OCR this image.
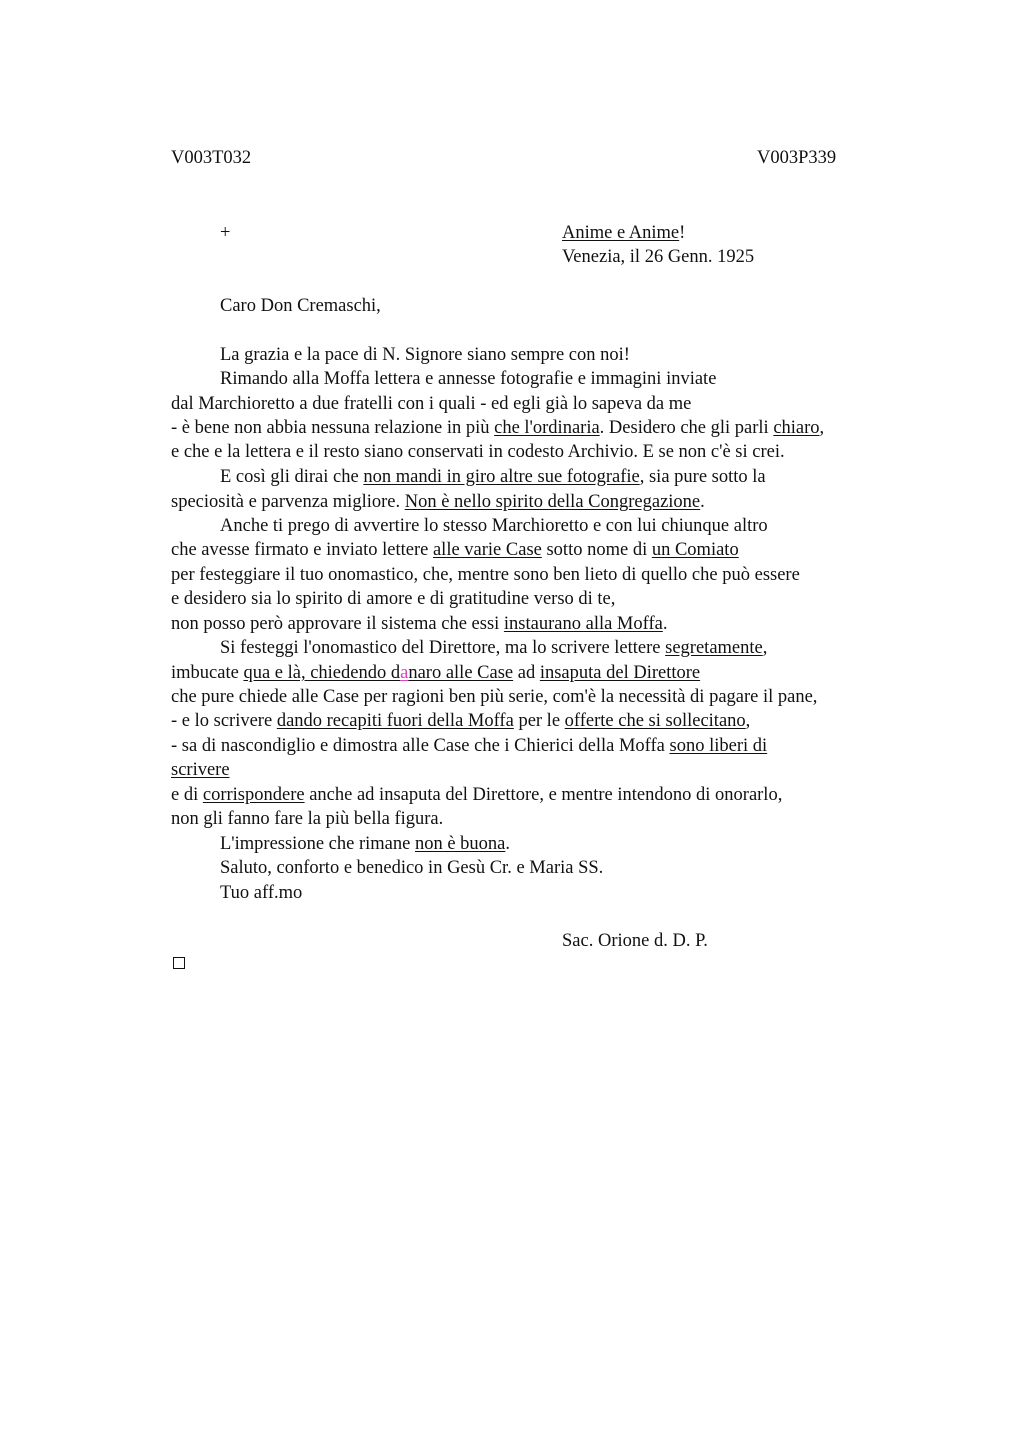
V003T032	V003P339
+	Anime e Anime!
Venezia, il 26 Genn. 1925
Caro Don Cremaschi,
La grazia e la pace di N. Signore siano sempre con noi!
Rimando alla Moffa lettera e annesse fotografie e immagini inviate
dal Marchioretto a due fratelli con i quali - ed egli già lo sapeva da me
- è bene non abbia nessuna relazione in più che l'ordinaria. Desidero che gli parli chiaro,
e che e la lettera e il resto siano conservati in codesto Archivio. E se non c'è si crei.
E così gli dirai che non mandi in giro altre sue fotografie, sia pure sotto la
speciosità e parvenza migliore. Non è nello spirito della Congregazione.
Anche ti prego di avvertire lo stesso Marchioretto e con lui chiunque altro
che avesse firmato e inviato lettere alle varie Case sotto nome di un Comiato
per festeggiare il tuo onomastico, che, mentre sono ben lieto di quello che può essere
e desidero sia lo spirito di amore e di gratitudine verso di te,
non posso però approvare il sistema che essi instaurano alla Moffa.
Si festeggi l'onomastico del Direttore, ma lo scrivere lettere segretamente,
imbucate qua e là, chiedendo danaro alle Case ad insaputa del Direttore
che pure chiede alle Case per ragioni ben più serie, com'è la necessità di pagare il pane,
- e lo scrivere dando recapiti fuori della Moffa per le offerte che si sollecitano,
- sa di nascondiglio e dimostra alle Case che i Chierici della Moffa sono liberi di
scrivere
e di corrispondere anche ad insaputa del Direttore, e mentre intendono di onorarlo,
non gli fanno fare la più bella figura.
L'impressione che rimane non è buona.
Saluto, conforto e benedico in Gesù Cr. e Maria SS.
Tuo aff.mo
Sac. Orione d. D. P.
